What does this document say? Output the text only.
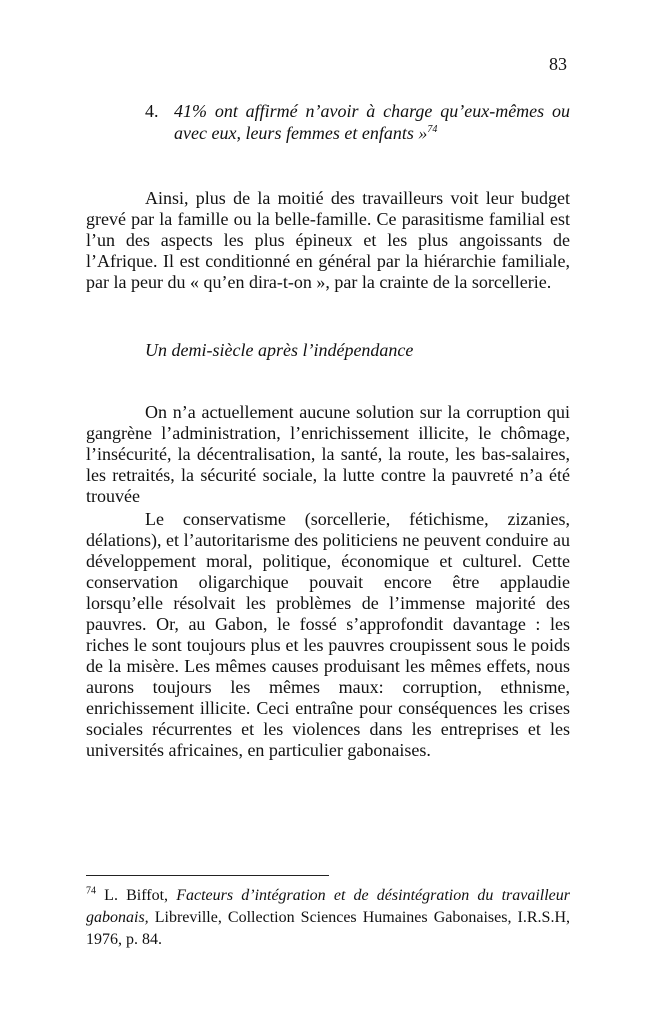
83
4. 41% ont affirmé n’avoir à charge qu’eux-mêmes ou avec eux, leurs femmes et enfants »$^{74}$

Ainsi, plus de la moitié des travailleurs voit leur budget grevé par la famille ou la belle-famille. Ce parasitisme familial est l’un des aspects les plus épineux et les plus angoissants de l’Afrique. Il est conditionné en général par la hiérarchie familiale, par la peur du « qu’en dira-t-on », par la crainte de la sorcellerie.

Un demi-siècle après l’indépendance

On n’a actuellement aucune solution sur la corruption qui gangrène l’administration, l’enrichissement illicite, le chômage, l’insécurité, la décentralisation, la santé, la route, les bas-salaires, les retraités, la sécurité sociale, la lutte contre la pauvreté n’a été trouvée

Le conservatisme (sorcellerie, fétichisme, zizanies, délations), et l’autoritarisme des politiciens ne peuvent conduire au développement moral, politique, économique et culturel. Cette conservation oligarchique pouvait encore être applaudie lorsqu’elle résolvait les problèmes de l’immense majorité des pauvres. Or, au Gabon, le fossé s’approfondit davantage : les riches le sont toujours plus et les pauvres croupissent sous le poids de la misère. Les mêmes causes produisant les mêmes effets, nous aurons toujours les mêmes maux: corruption, ethnisme, enrichissement illicite. Ceci entraîne pour conséquences les crises sociales récurrentes et les violences dans les entreprises et les universités africaines, en particulier gabonaises.

$^{74}$ L. Biffot, Facteurs d’intégration et de désintégration du travailleur gabonais, Libreville, Collection Sciences Humaines Gabonaises, I.R.S.H, 1976, p. 84.
